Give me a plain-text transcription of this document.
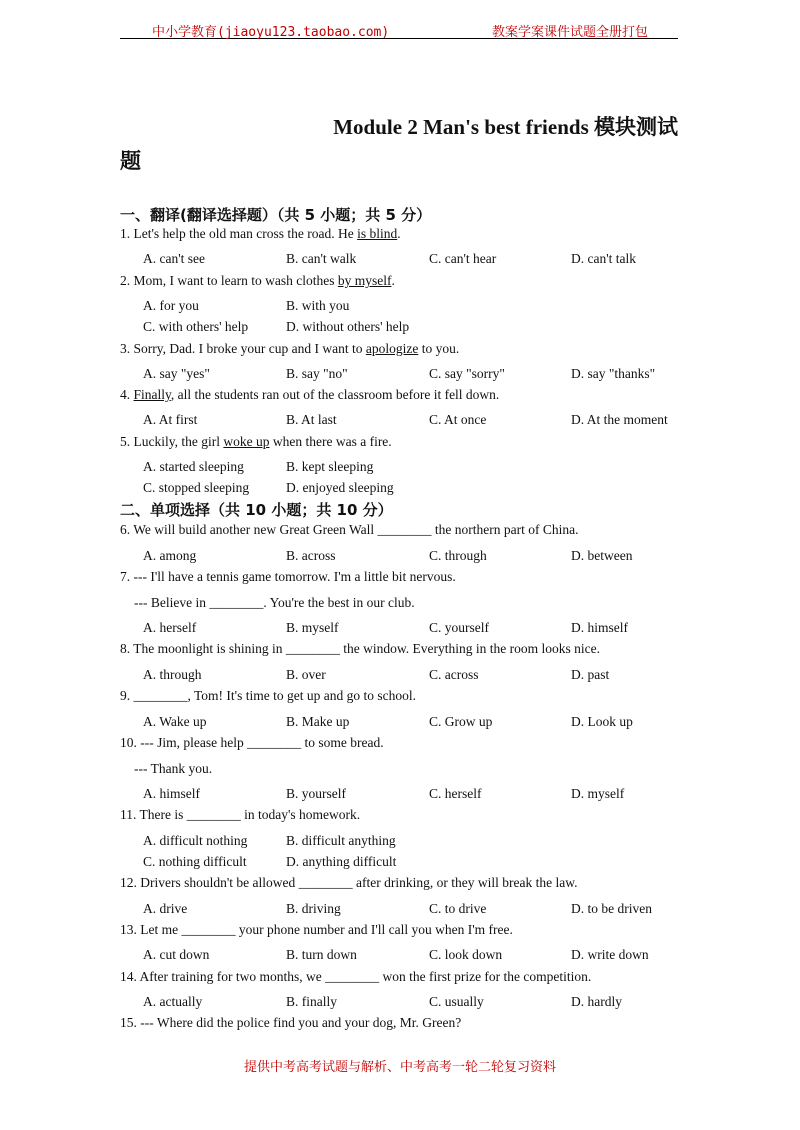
中小学教育(jiaoyu123.taobao.com)	教案学案课件试题全册打包
Module 2 Man's best friends 模块测试
题
一、翻译(翻译选择题）（共 5 小题；共 5 分）
1. Let's help the old man cross the road. He is blind.
A. can't see	B. can't walk	C. can't hear	D. can't talk
2. Mom, I want to learn to wash clothes by myself.
A. for you	B. with you
C. with others' help	D. without others' help
3. Sorry, Dad. I broke your cup and I want to apologize to you.
A. say "yes"	B. say "no"	C. say "sorry"	D. say "thanks"
4. Finally, all the students ran out of the classroom before it fell down.
A. At first	B. At last	C. At once	D. At the moment
5. Luckily, the girl woke up when there was a fire.
A. started sleeping	B. kept sleeping
C. stopped sleeping	D. enjoyed sleeping
二、单项选择（共 10 小题；共 10 分）
6. We will build another new Great Green Wall ________ the northern part of China.
A. among	B. across	C. through	D. between
7. --- I'll have a tennis game tomorrow. I'm a little bit nervous.
--- Believe in ________. You're the best in our club.
A. herself	B. myself	C. yourself	D. himself
8. The moonlight is shining in ________ the window. Everything in the room looks nice.
A. through	B. over	C. across	D. past
9. ________, Tom! It's time to get up and go to school.
A. Wake up	B. Make up	C. Grow up	D. Look up
10. --- Jim, please help ________ to some bread.
--- Thank you.
A. himself	B. yourself	C. herself	D. myself
11. There is ________ in today's homework.
A. difficult nothing	B. difficult anything
C. nothing difficult	D. anything difficult
12. Drivers shouldn't be allowed ________ after drinking, or they will break the law.
A. drive	B. driving	C. to drive	D. to be driven
13. Let me ________ your phone number and I'll call you when I'm free.
A. cut down	B. turn down	C. look down	D. write down
14. After training for two months, we ________ won the first prize for the competition.
A. actually	B. finally	C. usually	D. hardly
15. --- Where did the police find you and your dog, Mr. Green?
提供中考高考试题与解析、中考高考一轮二轮复习资料
